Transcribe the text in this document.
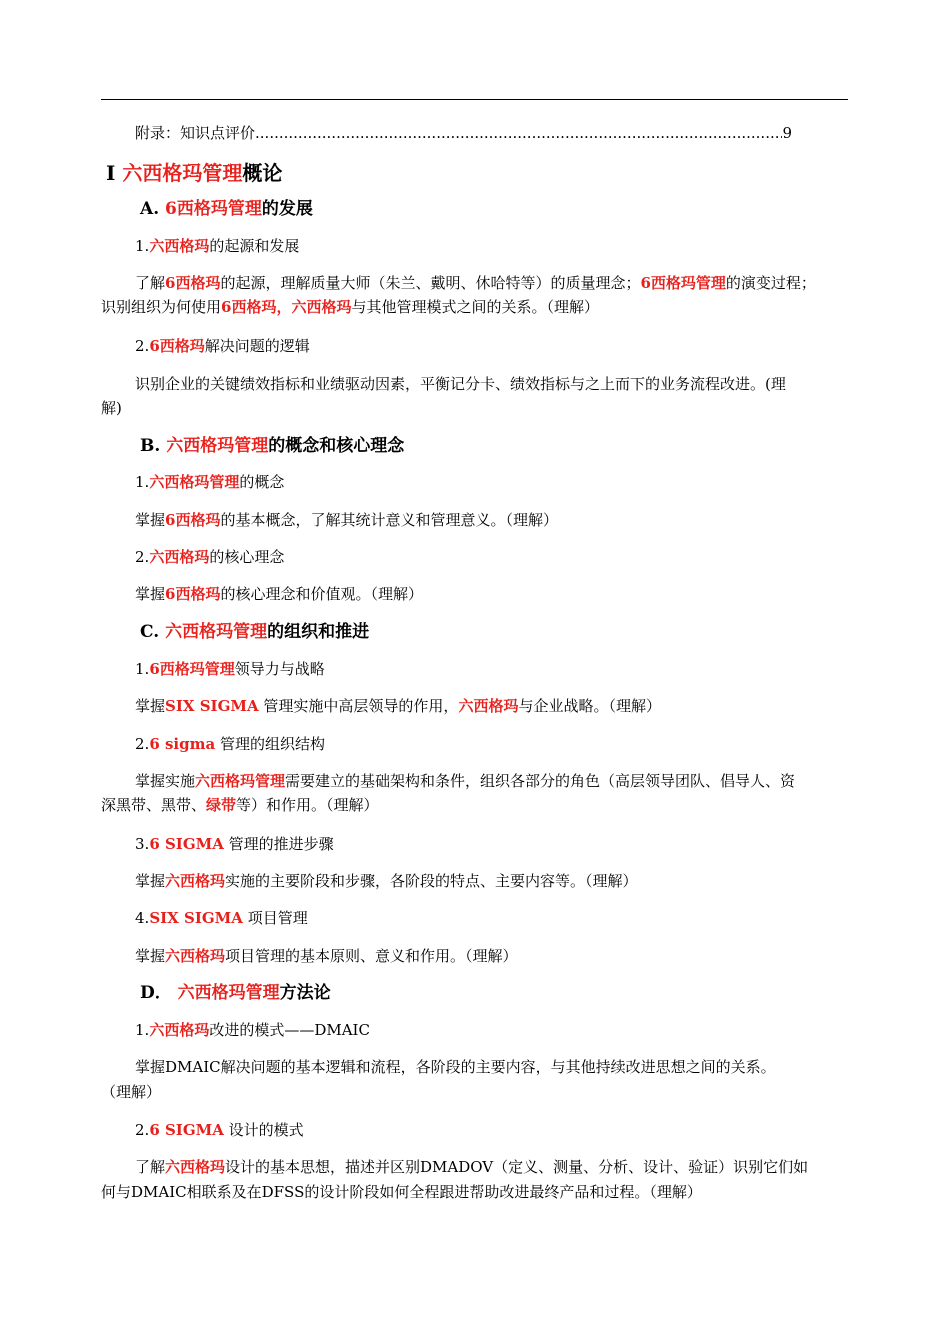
附录：知识点评价
.....	9
Ⅰ 六西格玛管理概论
A. 6西格玛管理的发展
1.六西格玛的起源和发展
了解6西格玛的起源，理解质量大师（朱兰、戴明、休哈特等）的质量理念；6西格玛管理的演变过程；
识别组织为何使用6西格玛，六西格玛与其他管理模式之间的关系。（理解）
2.6西格玛解决问题的逻辑
识别企业的关键绩效指标和业绩驱动因素，平衡记分卡、绩效指标与之上而下的业务流程改进。(理
解)
B. 六西格玛管理的概念和核心理念
1.六西格玛管理的概念
掌握6西格玛的基本概念，了解其统计意义和管理意义。（理解）
2.六西格玛的核心理念
掌握6西格玛的核心理念和价值观。（理解）
C. 六西格玛管理的组织和推进
1.6西格玛管理领导力与战略
掌握SIX SIGMA 管理实施中高层领导的作用，六西格玛与企业战略。（理解）
2.6 sigma 管理的组织结构
掌握实施六西格玛管理需要建立的基础架构和条件，组织各部分的角色（高层领导团队、倡导人、资
深黑带、黑带、绿带等）和作用。（理解）
3.6 SIGMA 管理的推进步骤
掌握六西格玛实施的主要阶段和步骤，各阶段的特点、主要内容等。（理解）
4.SIX SIGMA 项目管理
掌握六西格玛项目管理的基本原则、意义和作用。（理解）
D． 六西格玛管理方法论
1.六西格玛改进的模式——DMAIC
掌握DMAIC解决问题的基本逻辑和流程，各阶段的主要内容，与其他持续改进思想之间的关系。
（理解）
2.6 SIGMA 设计的模式
了解六西格玛设计的基本思想，描述并区别DMADOV（定义、测量、分析、设计、验证）识别它们如
何与DMAIC相联系及在DFSS的设计阶段如何全程跟进帮助改进最终产品和过程。（理解）
